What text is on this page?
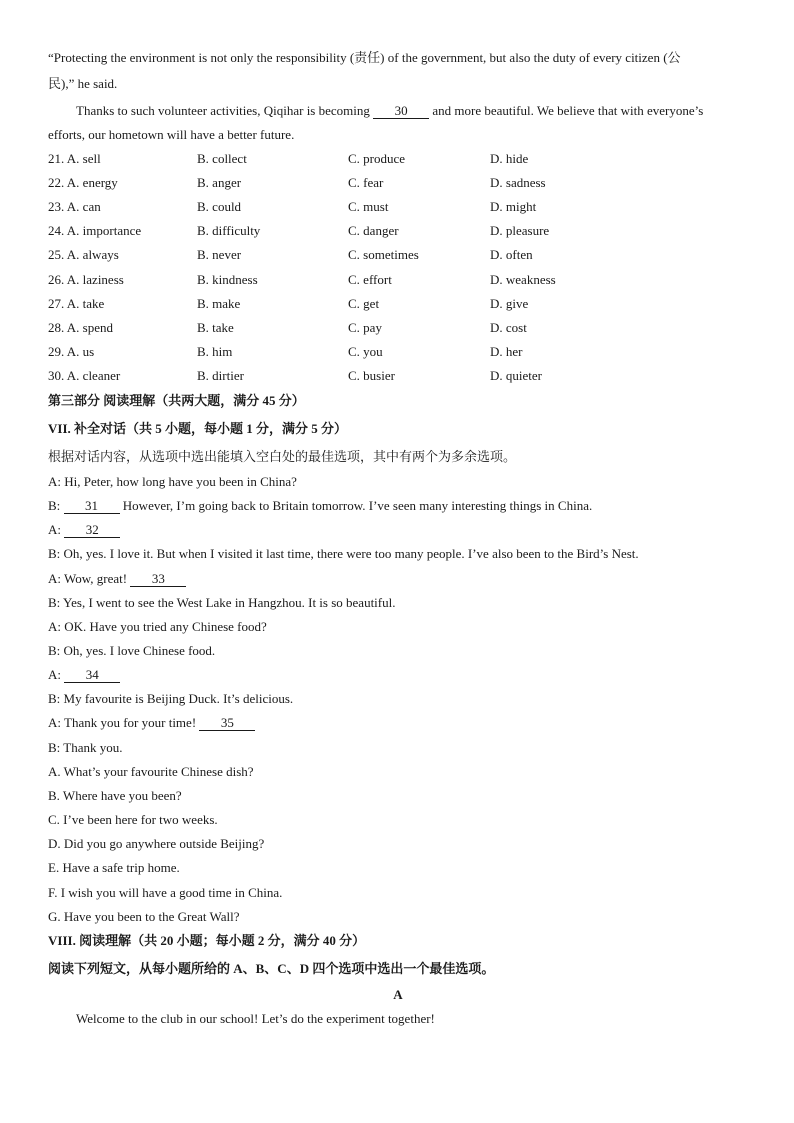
“Protecting the environment is not only the responsibility (责任) of the government, but also the duty of every citizen (公
民),” he said.
Thanks to such volunteer activities, Qiqihar is becoming 30 and more beautiful. We believe that with everyone’s
efforts, our hometown will have a better future.
21. A. sell	B. collect	C. produce	D. hide
22. A. energy	B. anger	C. fear	D. sadness
23. A. can	B. could	C. must	D. might
24. A. importance	B. difficulty	C. danger	D. pleasure
25. A. always	B. never	C. sometimes	D. often
26. A. laziness	B. kindness	C. effort	D. weakness
27. A. take	B. make	C. get	D. give
28. A. spend	B. take	C. pay	D. cost
29. A. us	B. him	C. you	D. her
30. A. cleaner	B. dirtier	C. busier	D. quieter
第三部分 阅读理解（共两大题，满分 45 分）
VII. 补全对话（共 5 小题，每小题 1 分，满分 5 分）
根据对话内容，从选项中选出能填入空白处的最佳选项，其中有两个为多余选项。
A: Hi, Peter, how long have you been in China?
B: 31 However, I’m going back to Britain tomorrow. I’ve seen many interesting things in China.
A: 32
B: Oh, yes. I love it. But when I visited it last time, there were too many people. I’ve also been to the Bird’s Nest.
A: Wow, great! 33
B: Yes, I went to see the West Lake in Hangzhou. It is so beautiful.
A: OK. Have you tried any Chinese food?
B: Oh, yes. I love Chinese food.
A: 34
B: My favourite is Beijing Duck. It’s delicious.
A: Thank you for your time! 35
B: Thank you.
A. What’s your favourite Chinese dish?
B. Where have you been?
C. I’ve been here for two weeks.
D. Did you go anywhere outside Beijing?
E. Have a safe trip home.
F. I wish you will have a good time in China.
G. Have you been to the Great Wall?
VIII. 阅读理解（共 20 小题；每小题 2 分，满分 40 分）
阅读下列短文，从每小题所给的 A、B、C、D 四个选项中选出一个最佳选项。
A
Welcome to the club in our school! Let’s do the experiment together!
